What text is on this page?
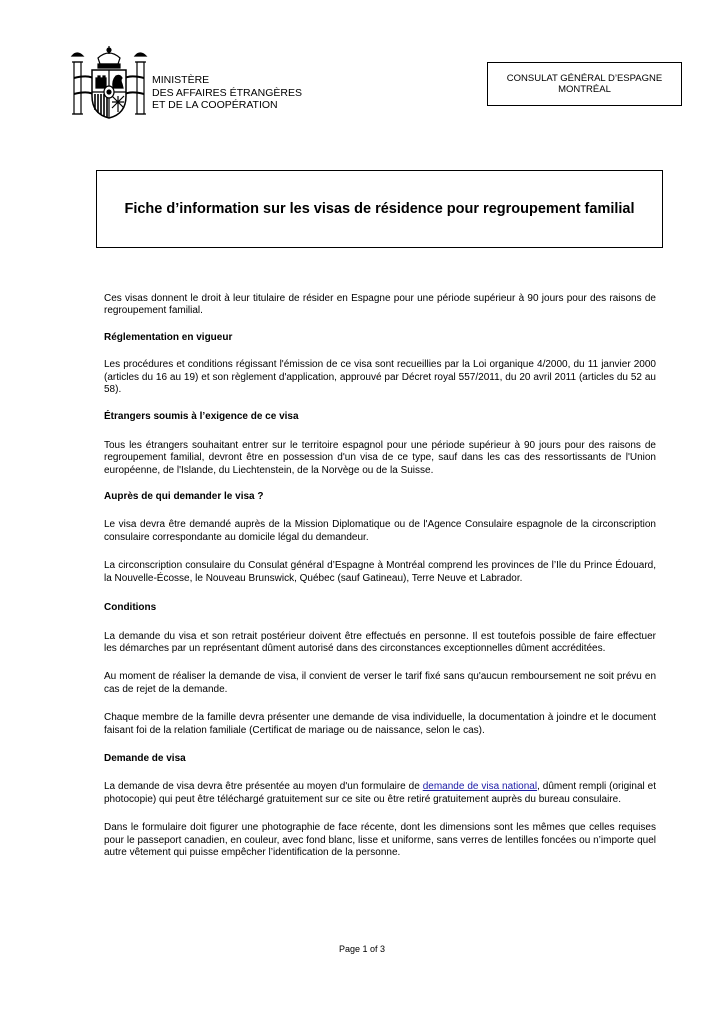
MINISTÈRE
DES AFFAIRES ÉTRANGÈRES
ET DE LA COOPÉRATION
CONSULAT GÉNÉRAL D’ESPAGNE
MONTRÉAL
Fiche d’information sur les visas de résidence pour regroupement familial

Ces visas donnent le droit à leur titulaire de résider en Espagne pour une période supérieur à 90 jours pour des raisons de regroupement familial.

Réglementation en vigueur

Les procédures et conditions régissant l'émission de ce visa sont recueillies par la Loi organique 4/2000, du 11 janvier 2000 (articles du 16 au 19) et son règlement d'application, approuvé par Décret royal 557/2011, du 20 avril 2011 (articles du 52 au 58).

Étrangers soumis à l’exigence de ce visa

Tous les étrangers souhaitant entrer sur le territoire espagnol pour une période supérieur à 90 jours pour des raisons de regroupement familial, devront être en possession d'un visa de ce type, sauf dans les cas des ressortissants de l'Union européenne, de l'Islande, du Liechtenstein, de la Norvège ou de la Suisse.

Auprès de qui demander le visa ?

Le visa devra être demandé auprès de la Mission Diplomatique ou de l'Agence Consulaire espagnole de la circonscription consulaire correspondante au domicile légal du demandeur.

La circonscription consulaire du Consulat général d’Espagne à Montréal comprend les provinces de l’Ile du Prince Édouard, la Nouvelle-Écosse, le Nouveau Brunswick, Québec (sauf Gatineau), Terre Neuve et Labrador.

Conditions

La demande du visa et son retrait postérieur doivent être effectués en personne. Il est toutefois possible de faire effectuer les démarches par un représentant dûment autorisé dans des circonstances exceptionnelles dûment accréditées.

Au moment de réaliser la demande de visa, il convient de verser le tarif fixé sans qu'aucun remboursement ne soit prévu en cas de rejet de la demande.

Chaque membre de la famille devra présenter une demande de visa individuelle, la documentation à joindre et le document faisant foi de la relation familiale (Certificat de mariage ou de naissance, selon le cas).

Demande de visa

La demande de visa devra être présentée au moyen d'un formulaire de demande de visa national, dûment rempli (original et photocopie) qui peut être téléchargé gratuitement sur ce site ou être retiré gratuitement auprès du bureau consulaire.

Dans le formulaire doit figurer une photographie de face récente, dont les dimensions sont les mêmes que celles requises pour le passeport canadien, en couleur, avec fond blanc, lisse et uniforme, sans verres de lentilles foncées ou n’importe quel autre vêtement qui puisse empêcher l’identification de la personne.

Page 1 of 3
